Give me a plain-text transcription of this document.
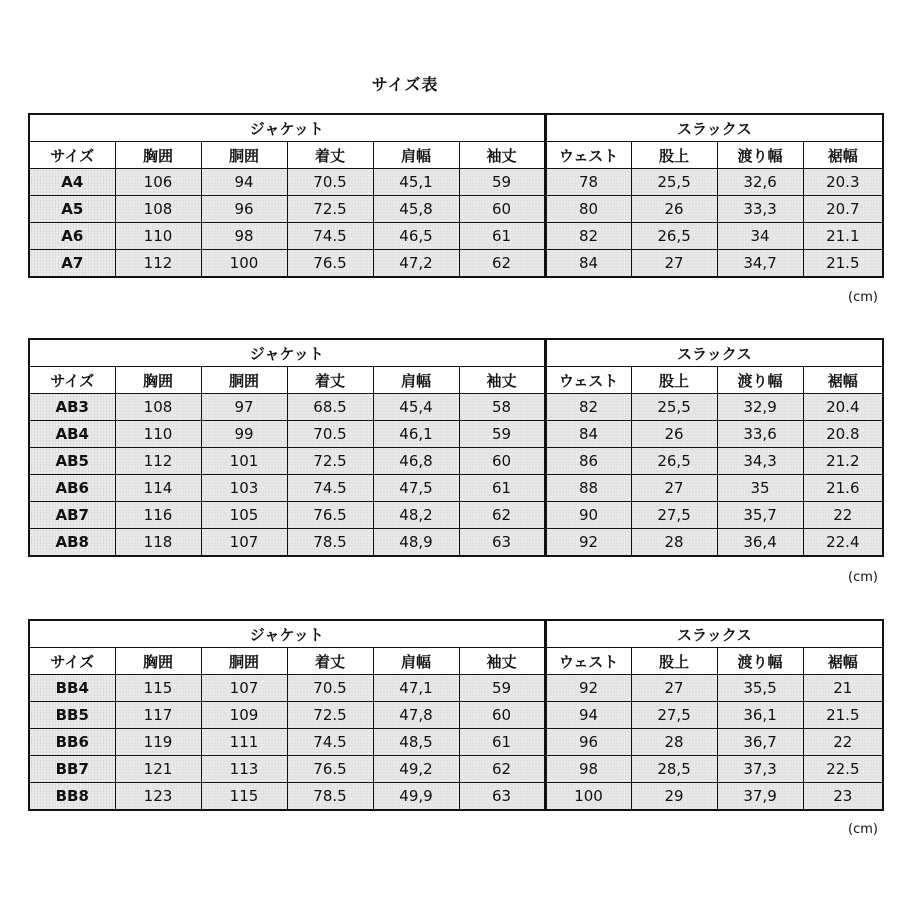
サイズ表
ジャケット						スラックス			
サイズ	胸囲	胴囲	着丈	肩幅	袖丈	ウェスト	股上	渡り幅	裾幅
A4	106	94	70.5	45,1	59	78	25,5	32,6	20.3
A5	108	96	72.5	45,8	60	80	26	33,3	20.7
A6	110	98	74.5	46,5	61	82	26,5	34	21.1
A7	112	100	76.5	47,2	62	84	27	34,7	21.5
(cm)
ジャケット						スラックス			
サイズ	胸囲	胴囲	着丈	肩幅	袖丈	ウェスト	股上	渡り幅	裾幅
AB3	108	97	68.5	45,4	58	82	25,5	32,9	20.4
AB4	110	99	70.5	46,1	59	84	26	33,6	20.8
AB5	112	101	72.5	46,8	60	86	26,5	34,3	21.2
AB6	114	103	74.5	47,5	61	88	27	35	21.6
AB7	116	105	76.5	48,2	62	90	27,5	35,7	22
AB8	118	107	78.5	48,9	63	92	28	36,4	22.4
(cm)
ジャケット						スラックス			
サイズ	胸囲	胴囲	着丈	肩幅	袖丈	ウェスト	股上	渡り幅	裾幅
BB4	115	107	70.5	47,1	59	92	27	35,5	21
BB5	117	109	72.5	47,8	60	94	27,5	36,1	21.5
BB6	119	111	74.5	48,5	61	96	28	36,7	22
BB7	121	113	76.5	49,2	62	98	28,5	37,3	22.5
BB8	123	115	78.5	49,9	63	100	29	37,9	23
(cm)
